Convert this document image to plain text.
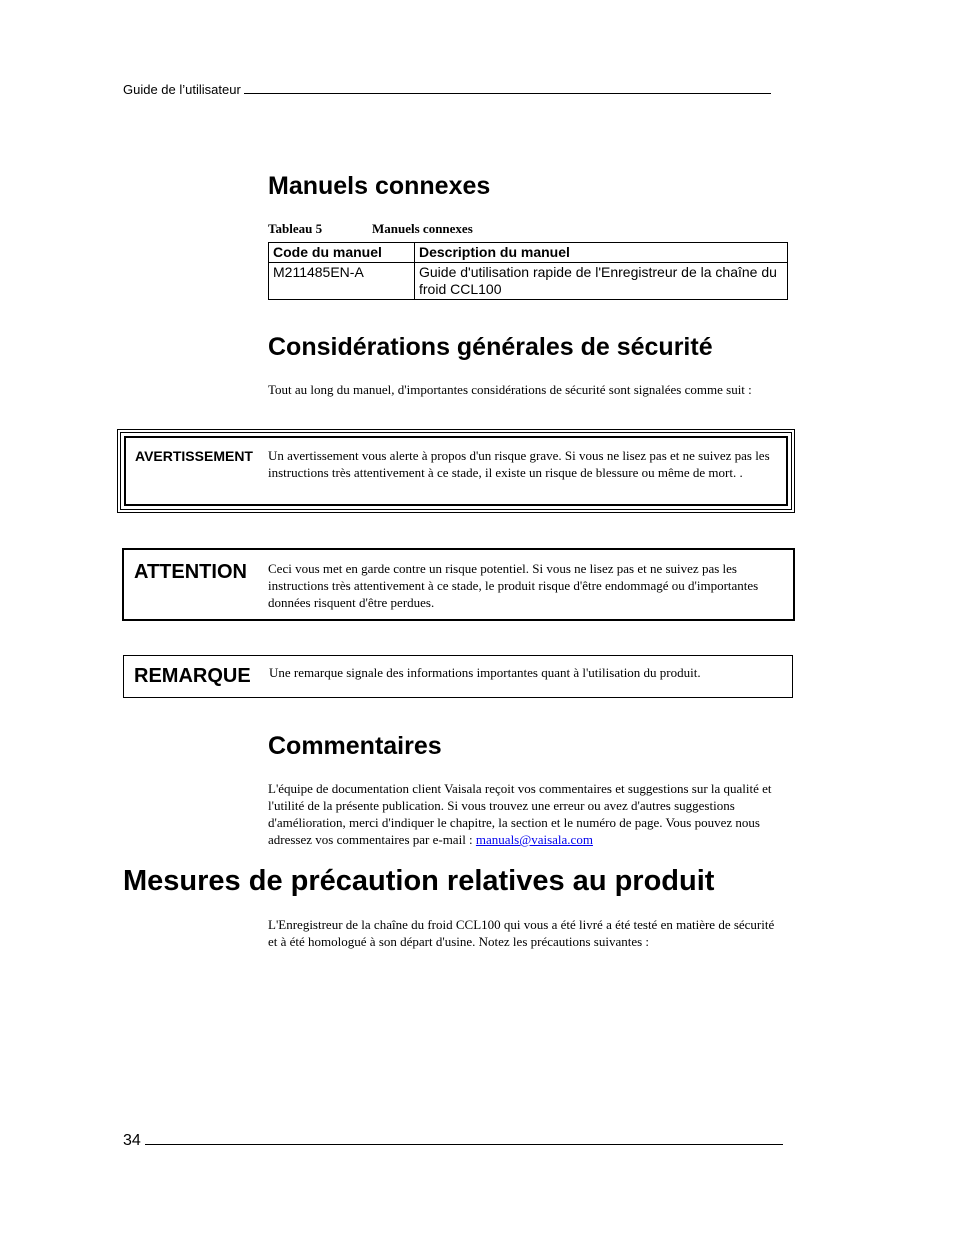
Guide de l’utilisateur
Manuels connexes
Tableau 5	Manuels connexes
Code du manuel	Description du manuel
M211485EN-A	Guide d'utilisation rapide de l'Enregistreur de la chaîne du froid CCL100
Considérations générales de sécurité
Tout au long du manuel, d'importantes considérations de sécurité sont signalées comme suit :
AVERTISSEMENT Un avertissement vous alerte à propos d'un risque grave. Si vous ne lisez pas et ne suivez pas les instructions très attentivement à ce stade, il existe un risque de blessure ou même de mort. .
ATTENTION Ceci vous met en garde contre un risque potentiel. Si vous ne lisez pas et ne suivez pas les instructions très attentivement à ce stade, le produit risque d'être endommagé ou d'importantes données risquent d'être perdues.
REMARQUE Une remarque signale des informations importantes quant à l'utilisation du produit.
Commentaires
L'équipe de documentation client Vaisala reçoit vos commentaires et suggestions sur la qualité et l'utilité de la présente publication. Si vous trouvez une erreur ou avez d'autres suggestions d'amélioration, merci d'indiquer le chapitre, la section et le numéro de page. Vous pouvez nous adressez vos commentaires par e-mail : manuals@vaisala.com
Mesures de précaution relatives au produit
L'Enregistreur de la chaîne du froid CCL100 qui vous a été livré a été testé en matière de sécurité et à été homologué à son départ d'usine. Notez les précautions suivantes :
34
